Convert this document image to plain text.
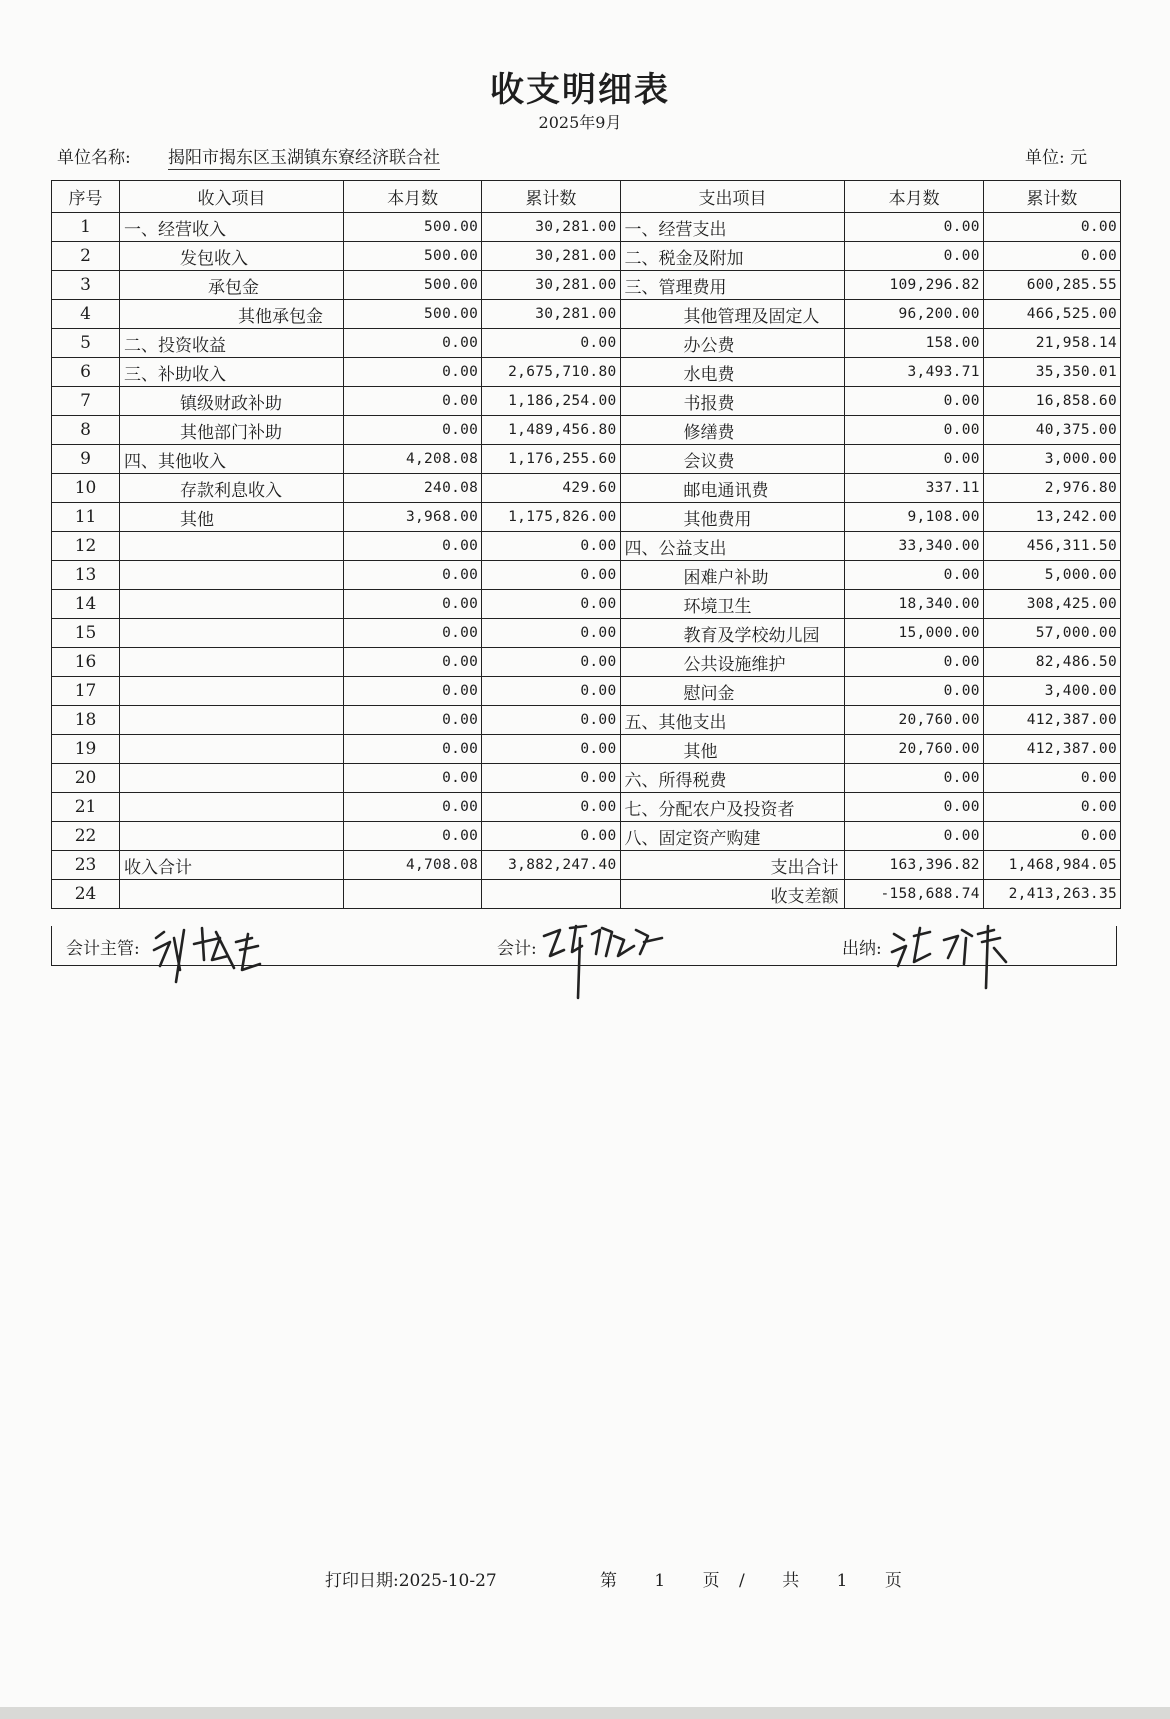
收支明细表
2025年9月
单位名称: 揭阳市揭东区玉湖镇东寮经济联合社	单位: 元
序号	收入项目	本月数	累计数	支出项目	本月数	累计数
1	一、经营收入	500.00	30,281.00	一、经营支出	0.00	0.00
2	发包收入	500.00	30,281.00	二、税金及附加	0.00	0.00
3	承包金	500.00	30,281.00	三、管理费用	109,296.82	600,285.55
4	其他承包金	500.00	30,281.00	其他管理及固定人	96,200.00	466,525.00
5	二、投资收益	0.00	0.00	办公费	158.00	21,958.14
6	三、补助收入	0.00	2,675,710.80	水电费	3,493.71	35,350.01
7	镇级财政补助	0.00	1,186,254.00	书报费	0.00	16,858.60
8	其他部门补助	0.00	1,489,456.80	修缮费	0.00	40,375.00
9	四、其他收入	4,208.08	1,176,255.60	会议费	0.00	3,000.00
10	存款利息收入	240.08	429.60	邮电通讯费	337.11	2,976.80
11	其他	3,968.00	1,175,826.00	其他费用	9,108.00	13,242.00
12		0.00	0.00	四、公益支出	33,340.00	456,311.50
13		0.00	0.00	困难户补助	0.00	5,000.00
14		0.00	0.00	环境卫生	18,340.00	308,425.00
15		0.00	0.00	教育及学校幼儿园	15,000.00	57,000.00
16		0.00	0.00	公共设施维护	0.00	82,486.50
17		0.00	0.00	慰问金	0.00	3,400.00
18		0.00	0.00	五、其他支出	20,760.00	412,387.00
19		0.00	0.00	其他	20,760.00	412,387.00
20		0.00	0.00	六、所得税费	0.00	0.00
21		0.00	0.00	七、分配农户及投资者	0.00	0.00
22		0.00	0.00	八、固定资产购建	0.00	0.00
23	收入合计	4,708.08	3,882,247.40	支出合计	163,396.82	1,468,984.05
24				收支差额	-158,688.74	2,413,263.35
会计主管:	会计:	出纳:
打印日期:2025-10-27	第 1 页 / 共 1 页
